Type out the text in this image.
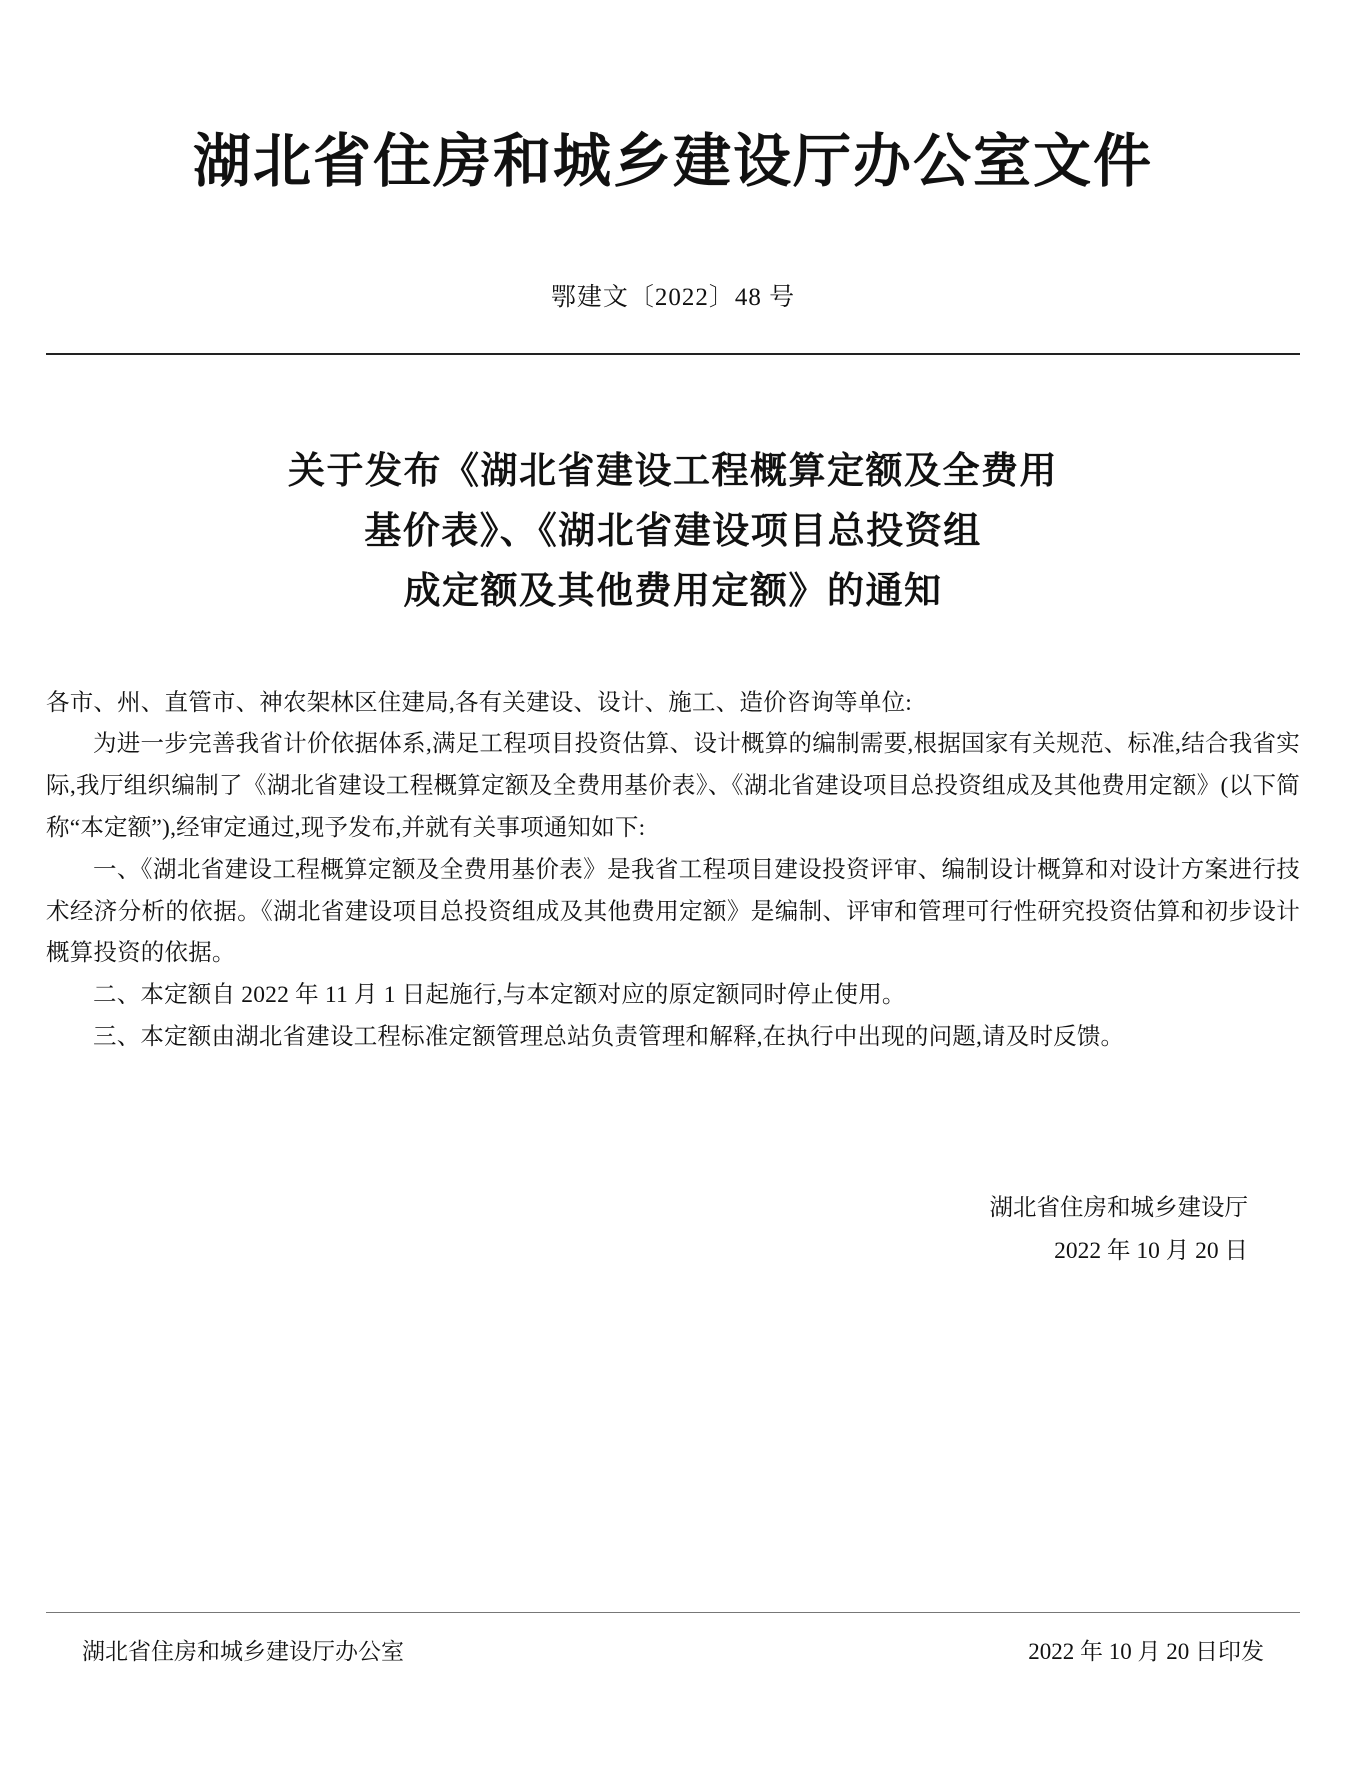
湖北省住房和城乡建设厅办公室文件
鄂建文〔2022〕48 号
关于发布《湖北省建设工程概算定额及全费用
基价表》、《湖北省建设项目总投资组
成定额及其他费用定额》的通知

各市、州、直管市、神农架林区住建局,各有关建设、设计、施工、造价咨询等单位:

为进一步完善我省计价依据体系,满足工程项目投资估算、设计概算的编制需要,根据国家有关规范、标准,结合我省实际,我厅组织编制了《湖北省建设工程概算定额及全费用基价表》、《湖北省建设项目总投资组成及其他费用定额》(以下简称“本定额”),经审定通过,现予发布,并就有关事项通知如下:

一、《湖北省建设工程概算定额及全费用基价表》是我省工程项目建设投资评审、编制设计概算和对设计方案进行技术经济分析的依据。《湖北省建设项目总投资组成及其他费用定额》是编制、评审和管理可行性研究投资估算和初步设计概算投资的依据。

二、本定额自 2022 年 11 月 1 日起施行,与本定额对应的原定额同时停止使用。

三、本定额由湖北省建设工程标准定额管理总站负责管理和解释,在执行中出现的问题,请及时反馈。

湖北省住房和城乡建设厅
2022 年 10 月 20 日
湖北省住房和城乡建设厅办公室	2022 年 10 月 20 日印发
